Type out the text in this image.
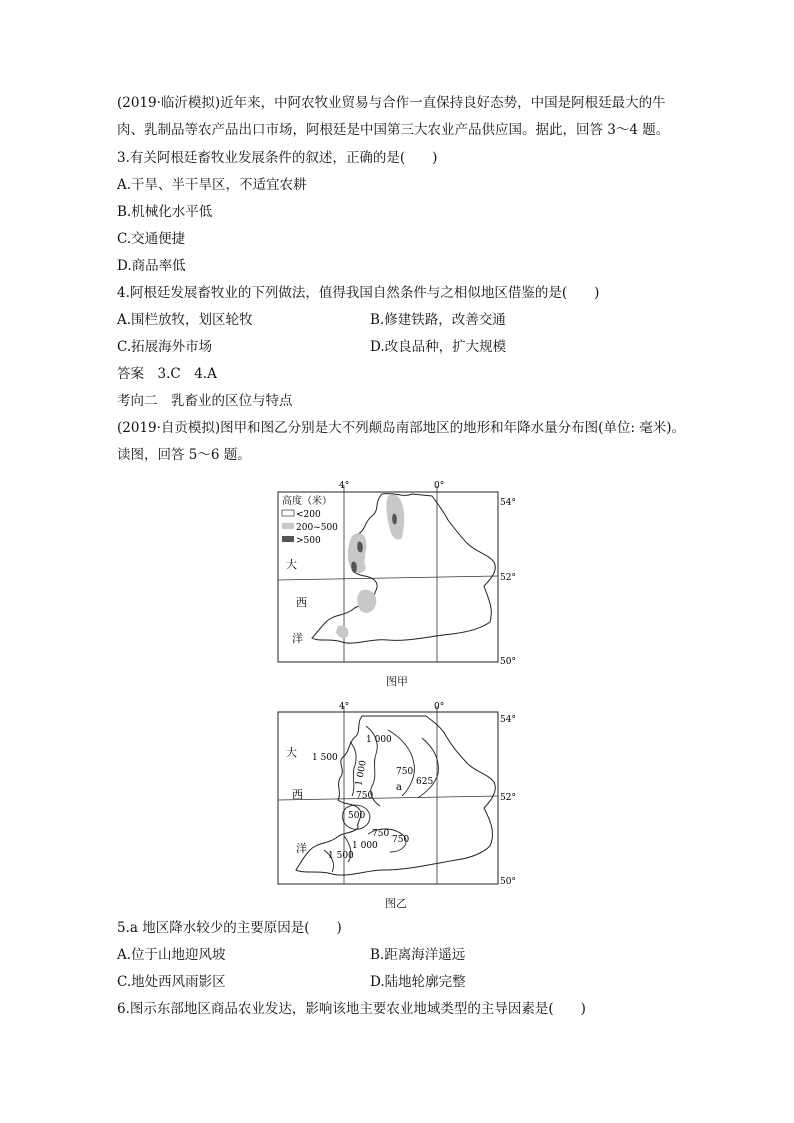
(2019·临沂模拟)近年来，中阿农牧业贸易与合作一直保持良好态势，中国是阿根廷最大的牛
肉、乳制品等农产品出口市场，阿根廷是中国第三大农业产品供应国。据此，回答 3～4 题。
3.有关阿根廷畜牧业发展条件的叙述，正确的是(　　)
A.干旱、半干旱区，不适宜农耕
B.机械化水平低
C.交通便捷
D.商品率低
4.阿根廷发展畜牧业的下列做法，值得我国自然条件与之相似地区借鉴的是(　　)
A.围栏放牧，划区轮牧	B.修建铁路，改善交通
C.拓展海外市场	D.改良品种，扩大规模
答案　3.C　4.A
考向二　乳畜业的区位与特点
(2019·自贡模拟)图甲和图乙分别是大不列颠岛南部地区的地形和年降水量分布图(单位: 毫米)。
读图，回答 5～6 题。
高度（米）
<200
200~500
>500
大
西
洋
4°	0°
54°
52°
50°
图甲
大
西
洋
1 000
1 500
1 000	750
625
750
a
500
750
1 000
750
1 500
4°	0°
54°
52°
50°
图乙
5.a 地区降水较少的主要原因是(　　)
A.位于山地迎风坡	B.距离海洋遥远
C.地处西风雨影区	D.陆地轮廓完整
6.图示东部地区商品农业发达，影响该地主要农业地域类型的主导因素是(　　)
